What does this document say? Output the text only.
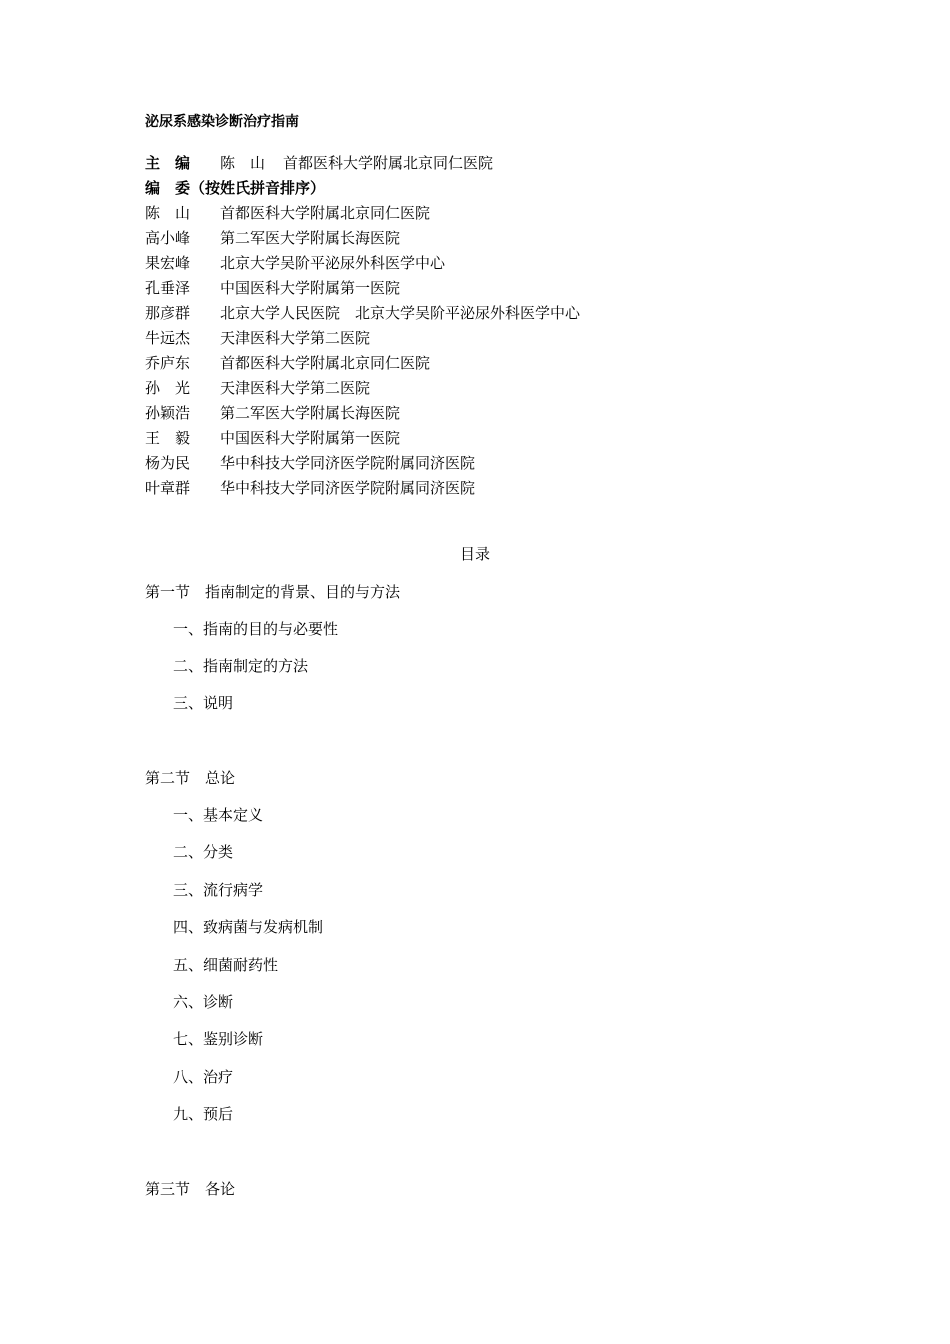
泌尿系感染诊断治疗指南
主　编	陈　山 首都医科大学附属北京同仁医院
编　委（按姓氏拼音排序）
陈　山	首都医科大学附属北京同仁医院
高小峰	第二军医大学附属长海医院
果宏峰	北京大学吴阶平泌尿外科医学中心
孔垂泽	中国医科大学附属第一医院
那彦群	北京大学人民医院　北京大学吴阶平泌尿外科医学中心
牛远杰	天津医科大学第二医院
乔庐东	首都医科大学附属北京同仁医院
孙　光	天津医科大学第二医院
孙颖浩	第二军医大学附属长海医院
王　毅	中国医科大学附属第一医院
杨为民	华中科技大学同济医学院附属同济医院
叶章群	华中科技大学同济医学院附属同济医院
目录
第一节　指南制定的背景、目的与方法
一、指南的目的与必要性
二、指南制定的方法
三、说明
第二节　总论
一、基本定义
二、分类
三、流行病学
四、致病菌与发病机制
五、细菌耐药性
六、诊断
七、鉴别诊断
八、治疗
九、预后
第三节　各论
